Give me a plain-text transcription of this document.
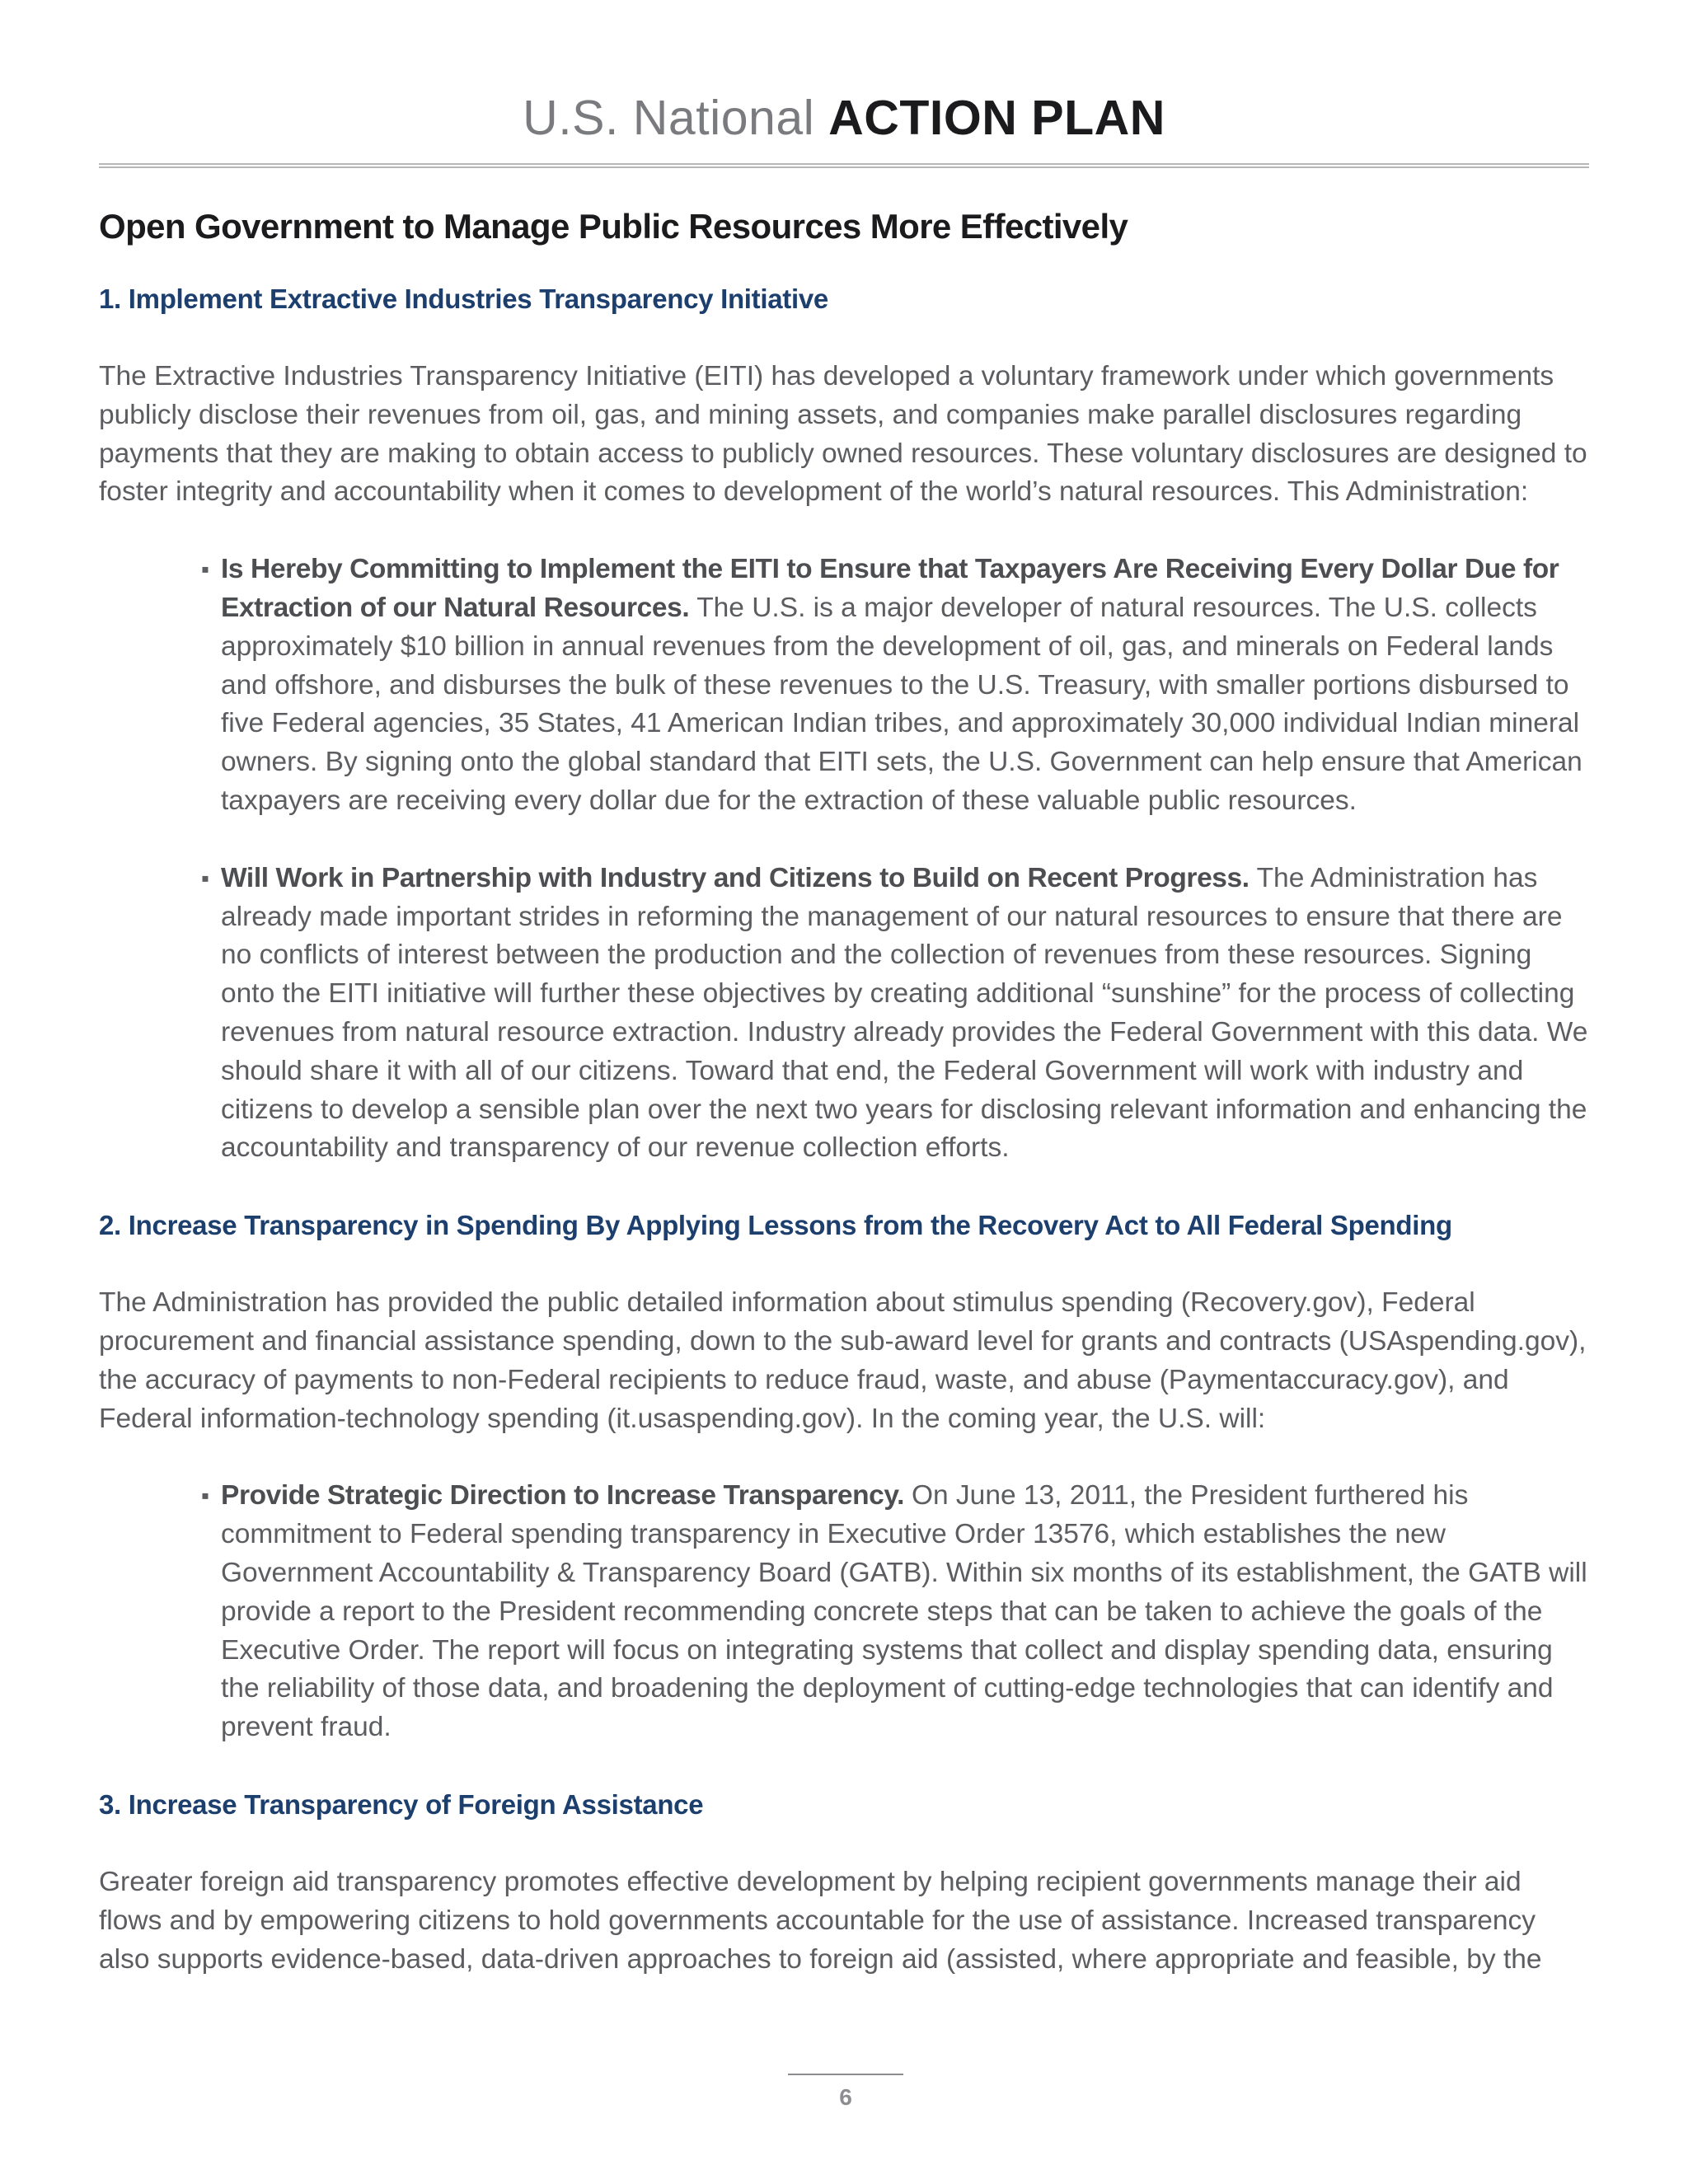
U.S. National ACTION PLAN
Open Government to Manage Public Resources More Effectively
1. Implement Extractive Industries Transparency Initiative

The Extractive Industries Transparency Initiative (EITI) has developed a voluntary framework under which governments publicly disclose their revenues from oil, gas, and mining assets, and companies make parallel disclosures regarding payments that they are making to obtain access to publicly owned resources. These voluntary disclosures are designed to foster integrity and accountability when it comes to development of the world’s natural resources. This Administration:

▪ Is Hereby Committing to Implement the EITI to Ensure that Taxpayers Are Receiving Every Dollar Due for Extraction of our Natural Resources. The U.S. is a major developer of natural resources. The U.S. collects approximately $10 billion in annual revenues from the development of oil, gas, and minerals on Federal lands and offshore, and disburses the bulk of these revenues to the U.S. Treasury, with smaller portions disbursed to five Federal agencies, 35 States, 41 American Indian tribes, and approximately 30,000 individual Indian mineral owners. By signing onto the global standard that EITI sets, the U.S. Government can help ensure that American taxpayers are receiving every dollar due for the extraction of these valuable public resources.
▪ Will Work in Partnership with Industry and Citizens to Build on Recent Progress. The Administration has already made important strides in reforming the management of our natural resources to ensure that there are no conflicts of interest between the production and the collection of revenues from these resources. Signing onto the EITI initiative will further these objectives by creating additional “sunshine” for the process of collecting revenues from natural resource extraction. Industry already provides the Federal Government with this data. We should share it with all of our citizens. Toward that end, the Federal Government will work with industry and citizens to develop a sensible plan over the next two years for disclosing relevant information and enhancing the accountability and transparency of our revenue collection efforts.
2. Increase Transparency in Spending By Applying Lessons from the Recovery Act to All Federal Spending

The Administration has provided the public detailed information about stimulus spending (Recovery.gov), Federal procurement and financial assistance spending, down to the sub-award level for grants and contracts (USAspending.gov), the accuracy of payments to non-Federal recipients to reduce fraud, waste, and abuse (Paymentaccuracy.gov), and Federal information-technology spending (it.usaspending.gov). In the coming year, the U.S. will:

▪ Provide Strategic Direction to Increase Transparency. On June 13, 2011, the President furthered his commitment to Federal spending transparency in Executive Order 13576, which establishes the new Government Accountability & Transparency Board (GATB). Within six months of its establishment, the GATB will provide a report to the President recommending concrete steps that can be taken to achieve the goals of the Executive Order. The report will focus on integrating systems that collect and display spending data, ensuring the reliability of those data, and broadening the deployment of cutting-edge technologies that can identify and prevent fraud.
3. Increase Transparency of Foreign Assistance

Greater foreign aid transparency promotes effective development by helping recipient governments manage their aid flows and by empowering citizens to hold governments accountable for the use of assistance. Increased transparency also supports evidence-based, data-driven approaches to foreign aid (assisted, where appropriate and feasible, by the

6
